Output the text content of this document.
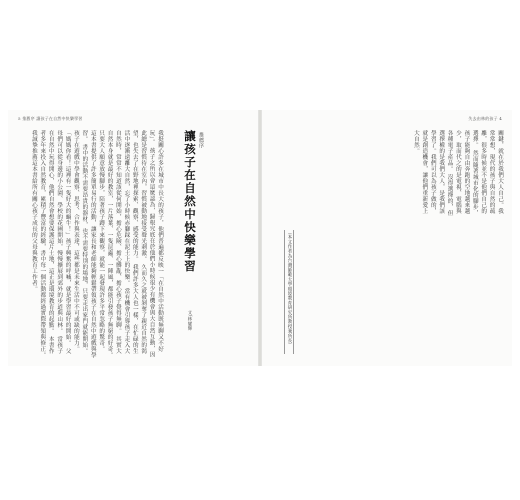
5 推薦序 讓孩子在自然中快樂學習
我挺關心許多在城市中長大的孩子，他們普遍都反映一「在自然中活動既無聊又不好玩」。 孩子之所以會這麼認為，歸根究底在於他們小時候很少有機會與大自然互動，因此總是習慣待在室內，習慣被動地接受聲光刺激。 久而久之就被剝奪了親近自然的渴望，也失去了在野地裡探索、觀察、感受的能力。 我們許多大人也一樣，在忙碌的生活中逐漸遠離大自然，忘了小時候赤腳踩在泥土上的快樂。 當有機會引導孩子走入大自然時，常常不知道該從何開始，擔心危險、擔心髒亂、擔心孩子覺得無聊。 其實大自然本身就是最好的教室，一片落葉、一隻昆蟲、一陣風，都能引發孩子無窮的好奇。 只要大人願意放慢腳步，陪著孩子蹲下來觀察，就能一起發現許多平常忽略的驚奇。 這本書提供了許多簡單易行的活動，讓家長和老師能夠輕鬆帶領孩子在自然中遊戲與學習。 書中的活動不需要昂貴的器材，也不需要特別的場地，只要走出家門就能開始。 孩子在遊戲中學會觀察、思考、合作與表達，這些都是未來生活中不可或缺的能力。 「媽媽你看！這裡有一隻好大的蝸牛！」孩子興奮的呼喊，就是學習最好的開始。 父母們可以從身邊的小公園、學校的花圃開始，慢慢擴展到郊外的步道與山林。 當孩子在自然中玩得開心，他們自然會想要保護這片土地，這正是環境教育的起點。 本書作者多年來投入自然教育，累積了豐富的經驗，書中每一個活動都經過實際帶領與修正。 我誠摯推薦這本書給所有關心孩子成長的父母與教育工作者。	讓孩子在自然中快樂學習 推薦序
文/林耀輝
失去由林的孩子 4
（本文作者為台灣師範大學環境教育研究所教授兼所長）
關鍵，就在於我們大人自己。我常常想，現代的孩子與自然的疏離，很多時候並不是他們自己的選擇。 然而隨著城市化的腳步，孩子能夠自由奔跑的空地越來越少，取而代之的是電視、電腦與各種電子產品。 沒得選擇的，但選擇權的是我們大人，是我們該學習了。我們可以為孩子做的，就是創造機會，讓他們重新愛上大自然。
